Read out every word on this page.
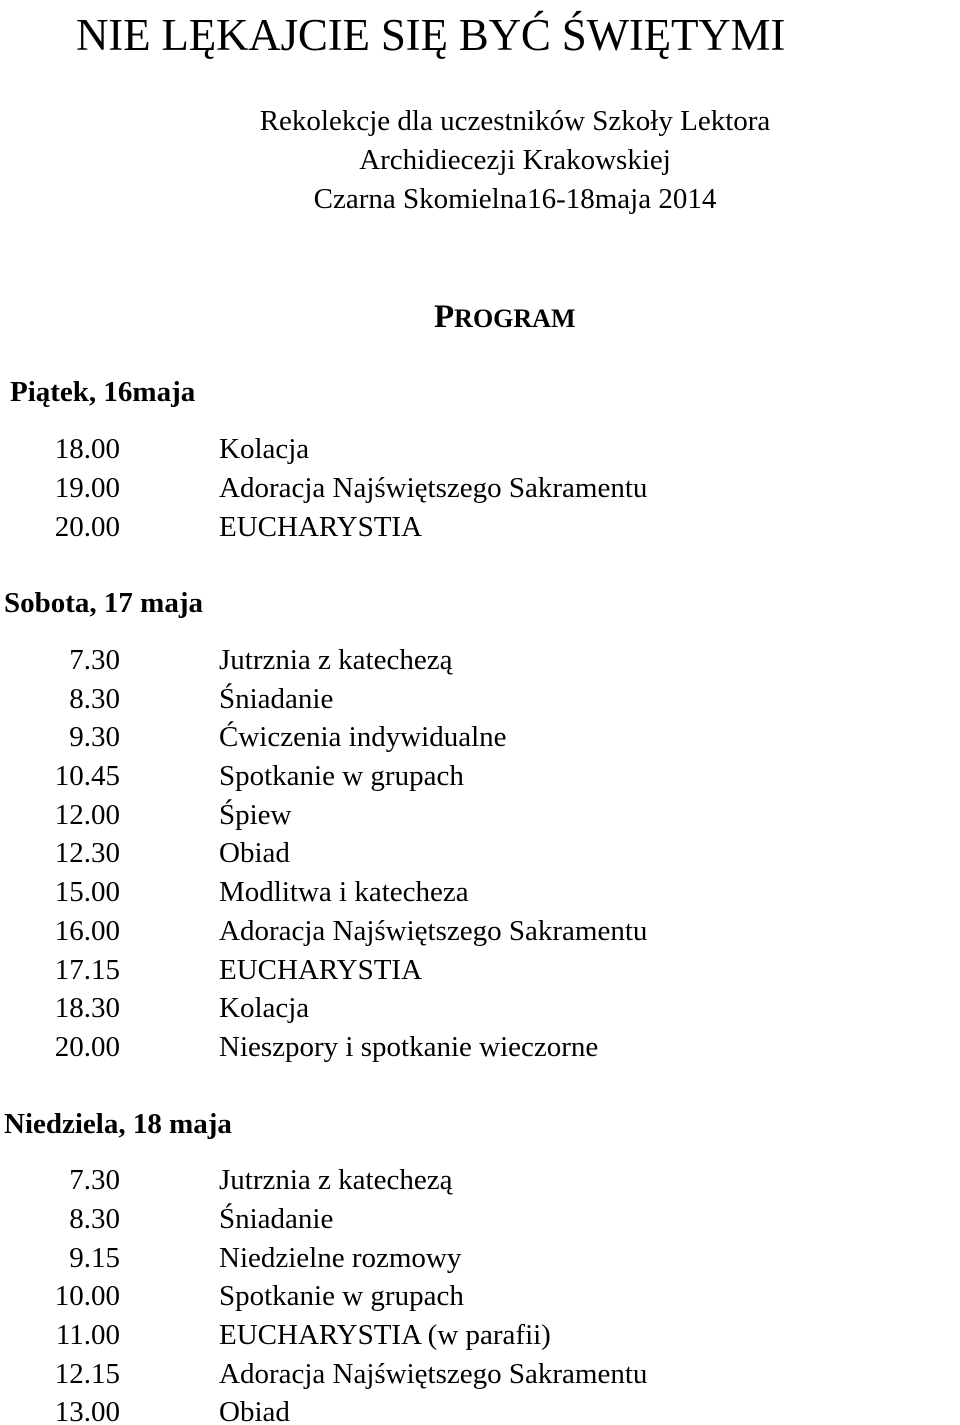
NIE LĘKAJCIE SIĘ BYĆ ŚWIĘTYMI
Rekolekcje dla uczestników Szkoły Lektora
Archidiecezji Krakowskiej
Czarna Skomielna16-18maja 2014
PROGRAM
Piątek, 16maja
18.00	Kolacja
19.00	Adoracja Najświętszego Sakramentu
20.00	EUCHARYSTIA
Sobota, 17 maja
7.30	Jutrznia z katechezą
8.30	Śniadanie
9.30	Ćwiczenia indywidualne
10.45	Spotkanie w grupach
12.00	Śpiew
12.30	Obiad
15.00	Modlitwa i katecheza
16.00	Adoracja Najświętszego Sakramentu
17.15	EUCHARYSTIA
18.30	Kolacja
20.00	Nieszpory i spotkanie wieczorne
Niedziela, 18 maja
7.30	Jutrznia z katechezą
8.30	Śniadanie
9.15	Niedzielne rozmowy
10.00	Spotkanie w grupach
11.00	EUCHARYSTIA (w parafii)
12.15	Adoracja Najświętszego Sakramentu
13.00	Obiad
